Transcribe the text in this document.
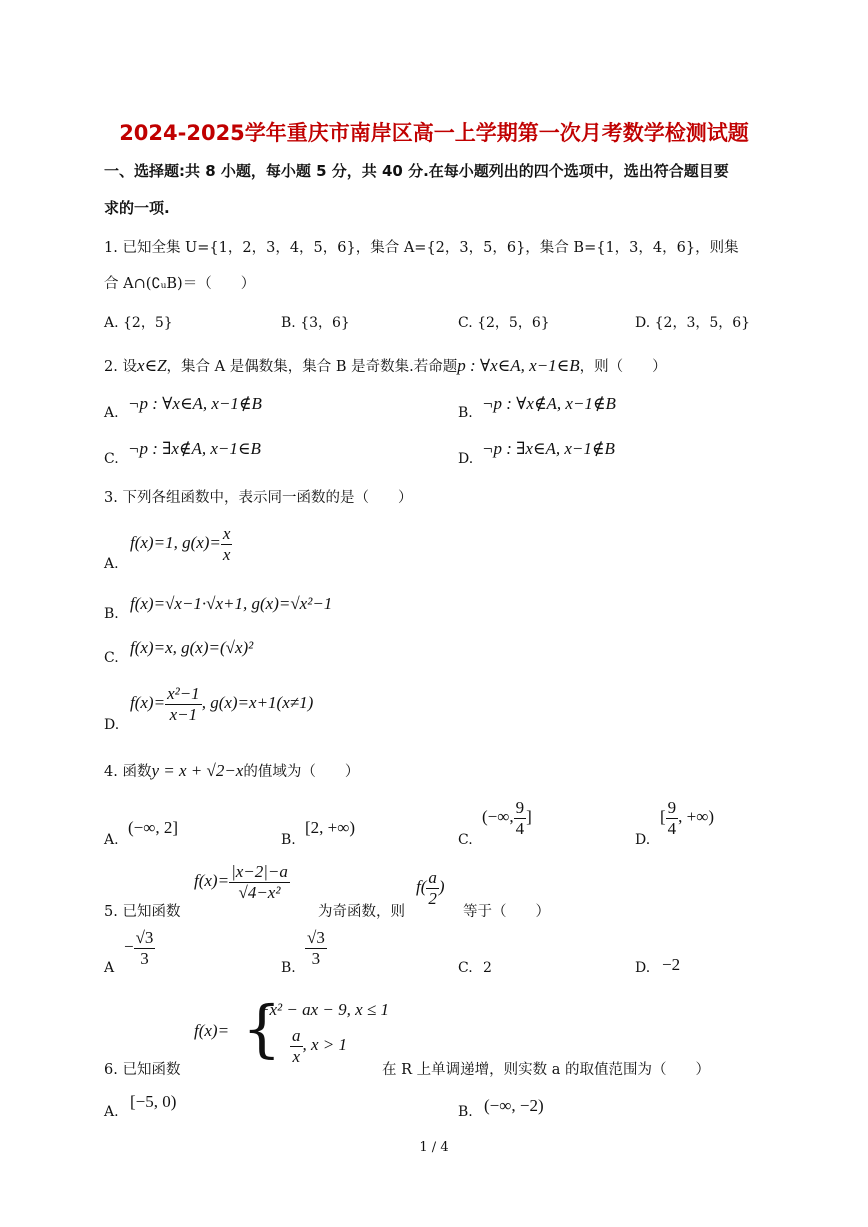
2024-2025学年重庆市南岸区高一上学期第一次月考数学检测试题
一、选择题:共 8 小题，每小题 5 分，共 40 分.在每小题列出的四个选项中，选出符合题目要
求的一项.
1. 已知全集 U={1，2，3，4，5，6}，集合 A={2，3，5，6}，集合 B={1，3，4，6}，则集
合 A∩(∁ᵤB)＝（　　）
A. {2，5}	B. {3，6}	C. {2，5，6}	D. {2，3，5，6}
2. 设x∈Z，集合 A 是偶数集，集合 B 是奇数集.若命题p : ∀x∈A, x−1∈B，则（　　）
A. ¬p : ∀x∈A, x−1∉B	B. ¬p : ∀x∉A, x−1∉B
C.
¬p : ∃x∉A, x−1∈B
D.
¬p : ∃x∈A, x−1∉B
3. 下列各组函数中，表示同一函数的是（　　）
A.
f(x)=1, $g(x)= \frac{x}{x}$
B.
f(x)=√x−1·√x+1, g(x)=√x²−1
C.
f(x)=x, g(x)=(√x)²
D.
$f(x)= \frac{\text{x²−1}}{x-1}$ , g(x)=x+1(x≠1)
4. 函数y = x + √2−x的值域为（　　）
A.
(−∞, 2]
B.
[2, +∞)
C.
(−∞, $\frac{9}{4}$ ]
D.
[ $\frac{9}{4}$ , +∞)
5. 已知函数
$f(x)= \frac{|x-2|-a}{\text{√4−x²}}$
为奇函数，则
$f( \frac{a}{2}$ )
等于（　　）
A
− $\frac{√3}{3}$	B. $\frac{√3}{3}$	C. 2	D. −2
6. 已知函数
f(x)= {
−x² − ax − 9, x ≤ 1
$\frac{a}{x}$ , x > 1
在 R 上单调递增，则实数 a 的取值范围为（　　）
A.
[−5, 0)
B. (−∞, −2)
1 / 4
